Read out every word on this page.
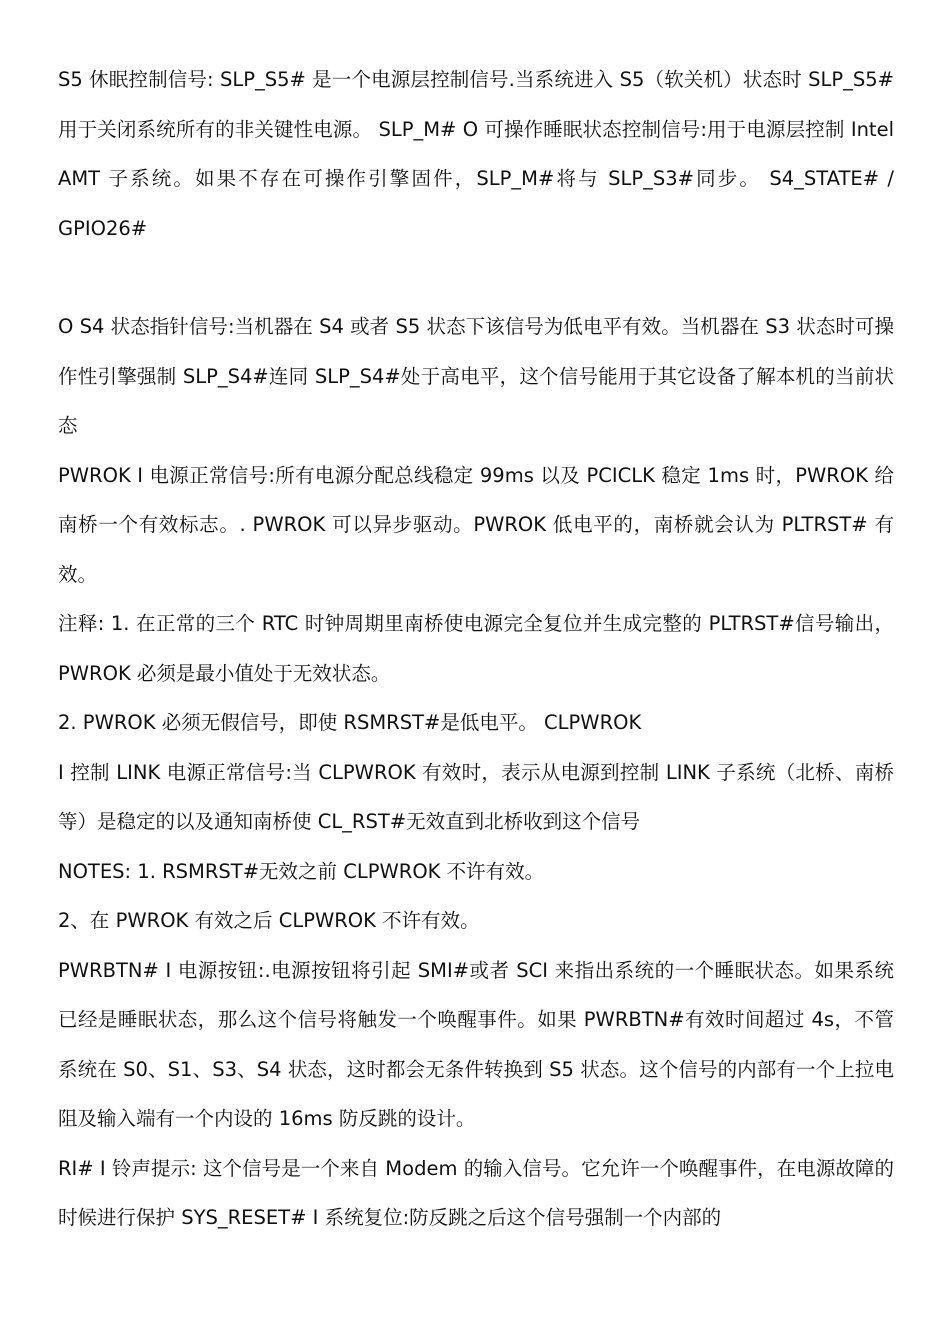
S5 休眠控制信号: SLP_S5# 是一个电源层控制信号.当系统进入 S5（软关机）状态时 SLP_S5# 用于关闭系统所有的非关键性电源。 SLP_M# O 可操作睡眠状态控制信号:用于电源层控制 Intel AMT 子系统。如果不存在可操作引擎固件，SLP_M#将与 SLP_S3#同步。 S4_STATE# / GPIO26#

O S4 状态指针信号:当机器在 S4 或者 S5 状态下该信号为低电平有效。当机器在 S3 状态时可操作性引擎强制 SLP_S4#连同 SLP_S4#处于高电平，这个信号能用于其它设备了解本机的当前状态

PWROK I 电源正常信号:所有电源分配总线稳定 99ms 以及 PCICLK 稳定 1ms 时，PWROK 给南桥一个有效标志。. PWROK 可以异步驱动。PWROK 低电平的，南桥就会认为 PLTRST# 有效。

注释: 1. 在正常的三个 RTC 时钟周期里南桥使电源完全复位并生成完整的 PLTRST#信号输出， PWROK 必须是最小值处于无效状态。

2. PWROK 必须无假信号，即使 RSMRST#是低电平。 CLPWROK

I 控制 LINK 电源正常信号:当 CLPWROK 有效时，表示从电源到控制 LINK 子系统（北桥、南桥等）是稳定的以及通知南桥使 CL_RST#无效直到北桥收到这个信号

NOTES: 1. RSMRST#无效之前 CLPWROK 不许有效。

2、在 PWROK 有效之后 CLPWROK 不许有效。

PWRBTN# I 电源按钮:.电源按钮将引起 SMI#或者 SCI 来指出系统的一个睡眠状态。如果系统已经是睡眠状态，那么这个信号将触发一个唤醒事件。如果 PWRBTN#有效时间超过 4s，不管系统在 S0、S1、S3、S4 状态，这时都会无条件转换到 S5 状态。这个信号的内部有一个上拉电阻及输入端有一个内设的 16ms 防反跳的设计。

RI# I 铃声提示: 这个信号是一个来自 Modem 的输入信号。它允许一个唤醒事件，在电源故障的时候进行保护 SYS_RESET# I 系统复位:防反跳之后这个信号强制一个内部的
